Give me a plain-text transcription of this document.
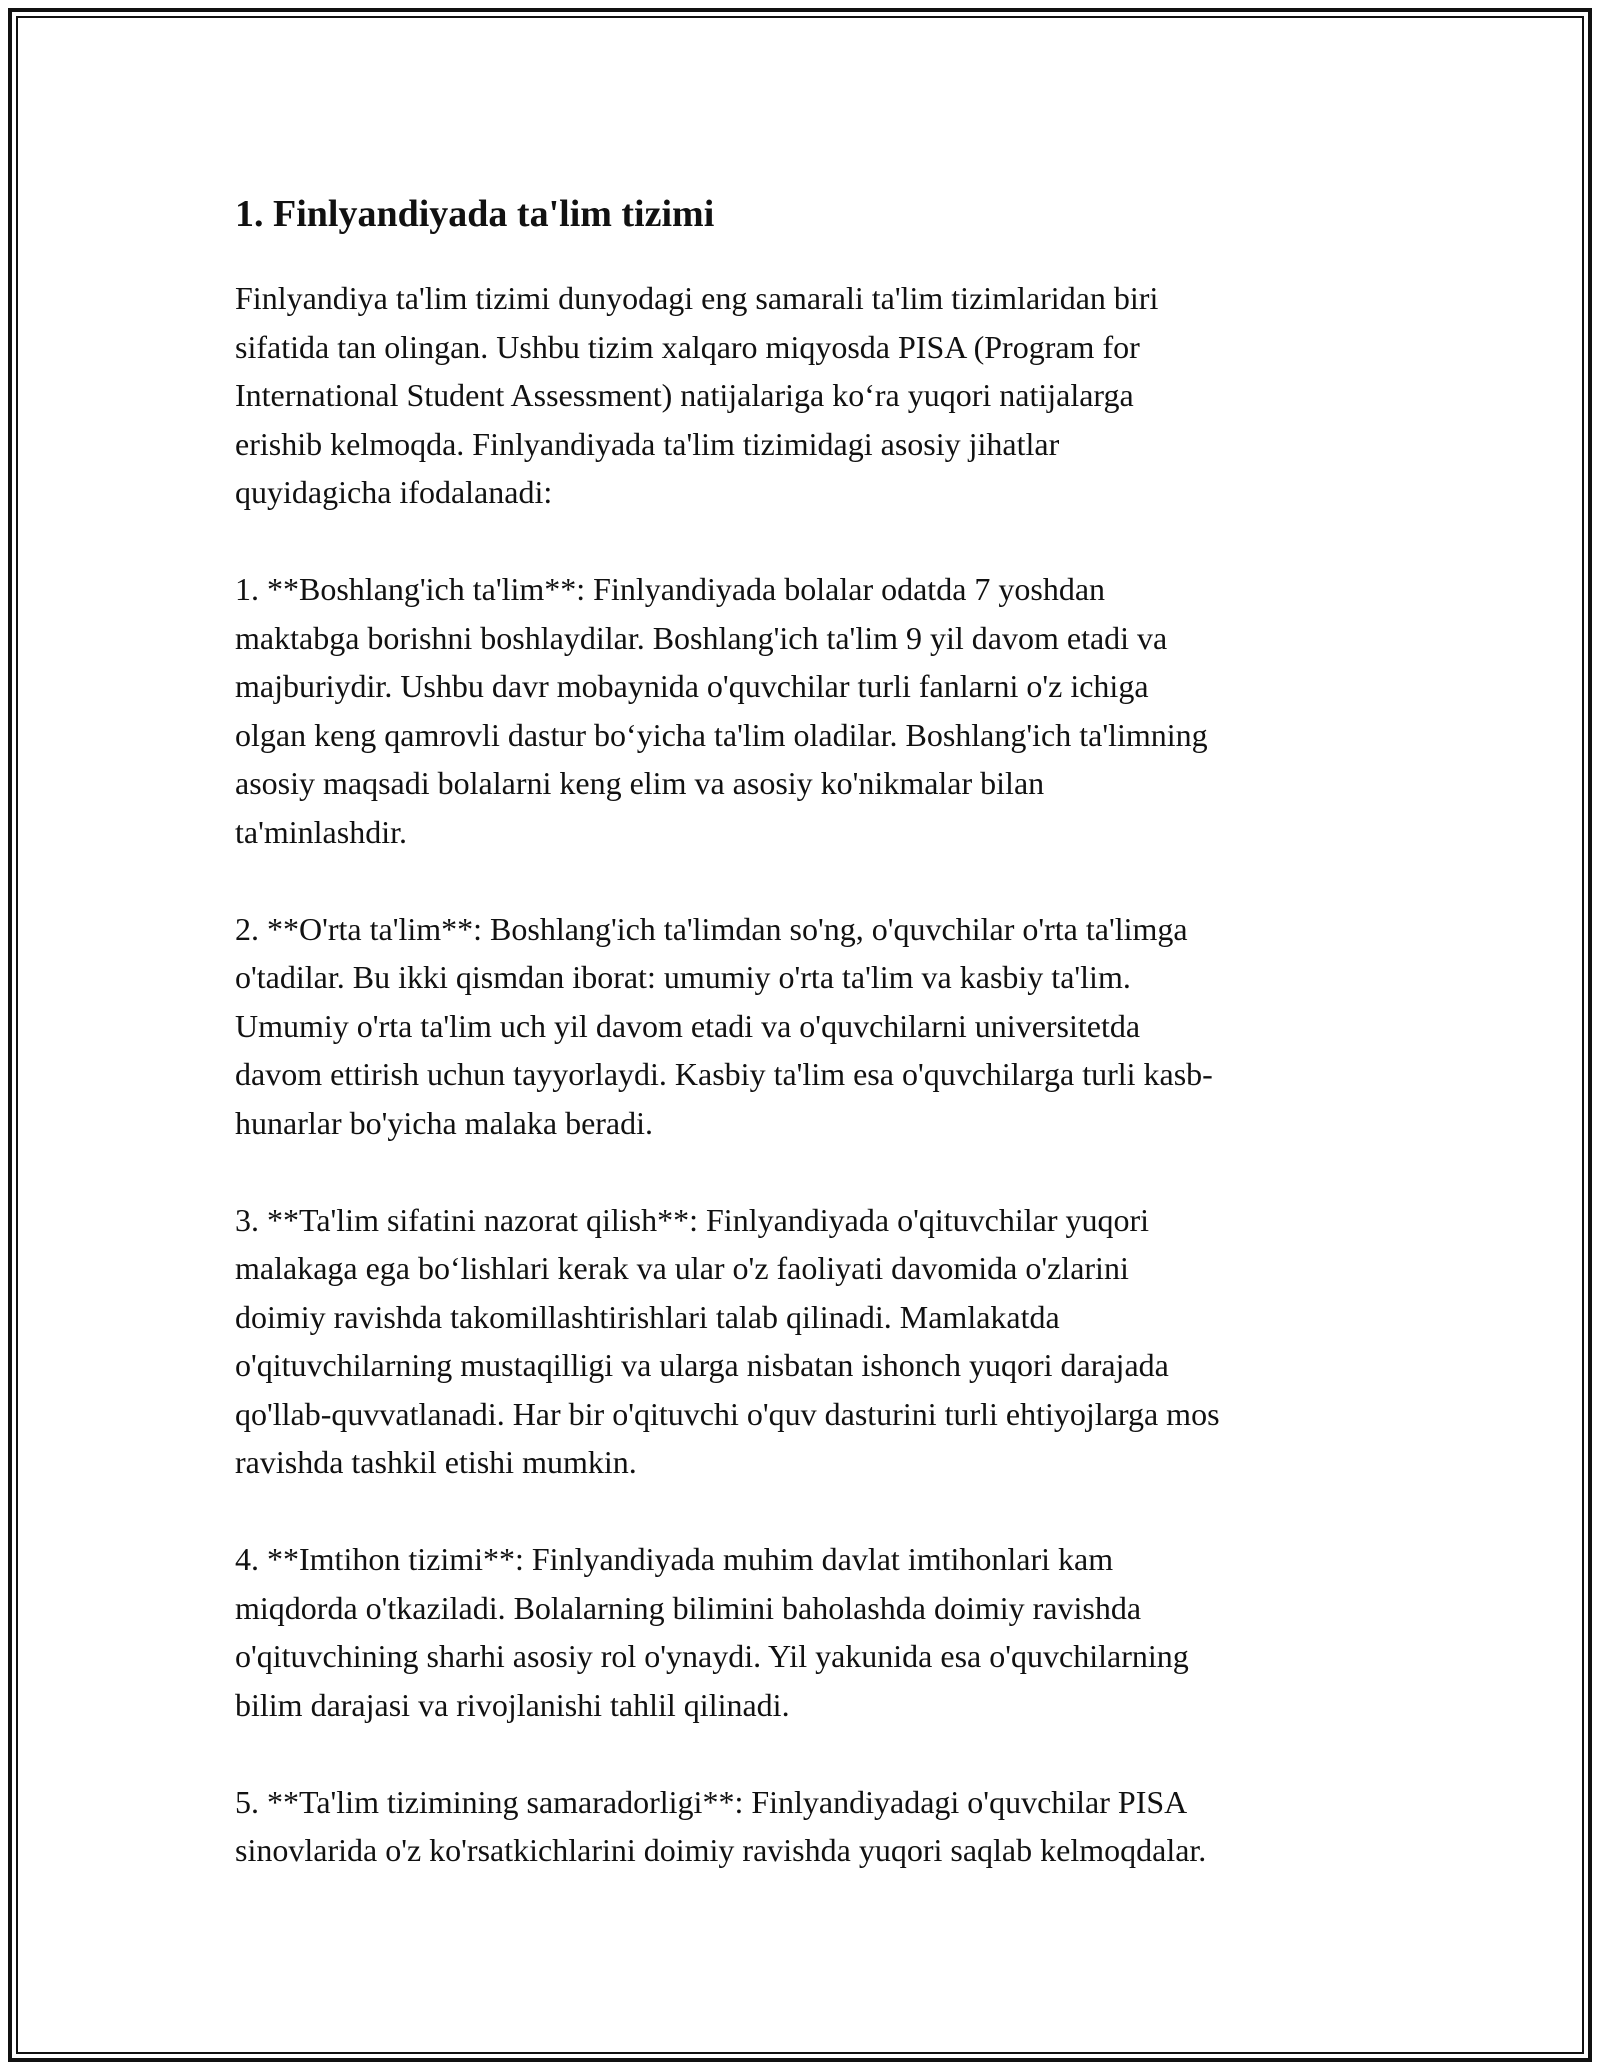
1. Finlyandiyada ta'lim tizimi

Finlyandiya ta'lim tizimi dunyodagi eng samarali ta'lim tizimlaridan biri
sifatida tan olingan. Ushbu tizim xalqaro miqyosda PISA (Program for
International Student Assessment) natijalariga ko‘ra yuqori natijalarga
erishib kelmoqda. Finlyandiyada ta'lim tizimidagi asosiy jihatlar
quyidagicha ifodalanadi:

1. **Boshlang'ich ta'lim**: Finlyandiyada bolalar odatda 7 yoshdan
maktabga borishni boshlaydilar. Boshlang'ich ta'lim 9 yil davom etadi va
majburiydir. Ushbu davr mobaynida o'quvchilar turli fanlarni o'z ichiga
olgan keng qamrovli dastur bo‘yicha ta'lim oladilar. Boshlang'ich ta'limning
asosiy maqsadi bolalarni keng elim va asosiy ko'nikmalar bilan
ta'minlashdir.

2. **O'rta ta'lim**: Boshlang'ich ta'limdan so'ng, o'quvchilar o'rta ta'limga
o'tadilar. Bu ikki qismdan iborat: umumiy o'rta ta'lim va kasbiy ta'lim.
Umumiy o'rta ta'lim uch yil davom etadi va o'quvchilarni universitetda
davom ettirish uchun tayyorlaydi. Kasbiy ta'lim esa o'quvchilarga turli kasb-
hunarlar bo'yicha malaka beradi.

3. **Ta'lim sifatini nazorat qilish**: Finlyandiyada o'qituvchilar yuqori
malakaga ega bo‘lishlari kerak va ular o'z faoliyati davomida o'zlarini
doimiy ravishda takomillashtirishlari talab qilinadi. Mamlakatda
o'qituvchilarning mustaqilligi va ularga nisbatan ishonch yuqori darajada
qo'llab-quvvatlanadi. Har bir o'qituvchi o'quv dasturini turli ehtiyojlarga mos
ravishda tashkil etishi mumkin.

4. **Imtihon tizimi**: Finlyandiyada muhim davlat imtihonlari kam
miqdorda o'tkaziladi. Bolalarning bilimini baholashda doimiy ravishda
o'qituvchining sharhi asosiy rol o'ynaydi. Yil yakunida esa o'quvchilarning
bilim darajasi va rivojlanishi tahlil qilinadi.

5. **Ta'lim tizimining samaradorligi**: Finlyandiyadagi o'quvchilar PISA
sinovlarida o'z ko'rsatkichlarini doimiy ravishda yuqori saqlab kelmoqdalar.
